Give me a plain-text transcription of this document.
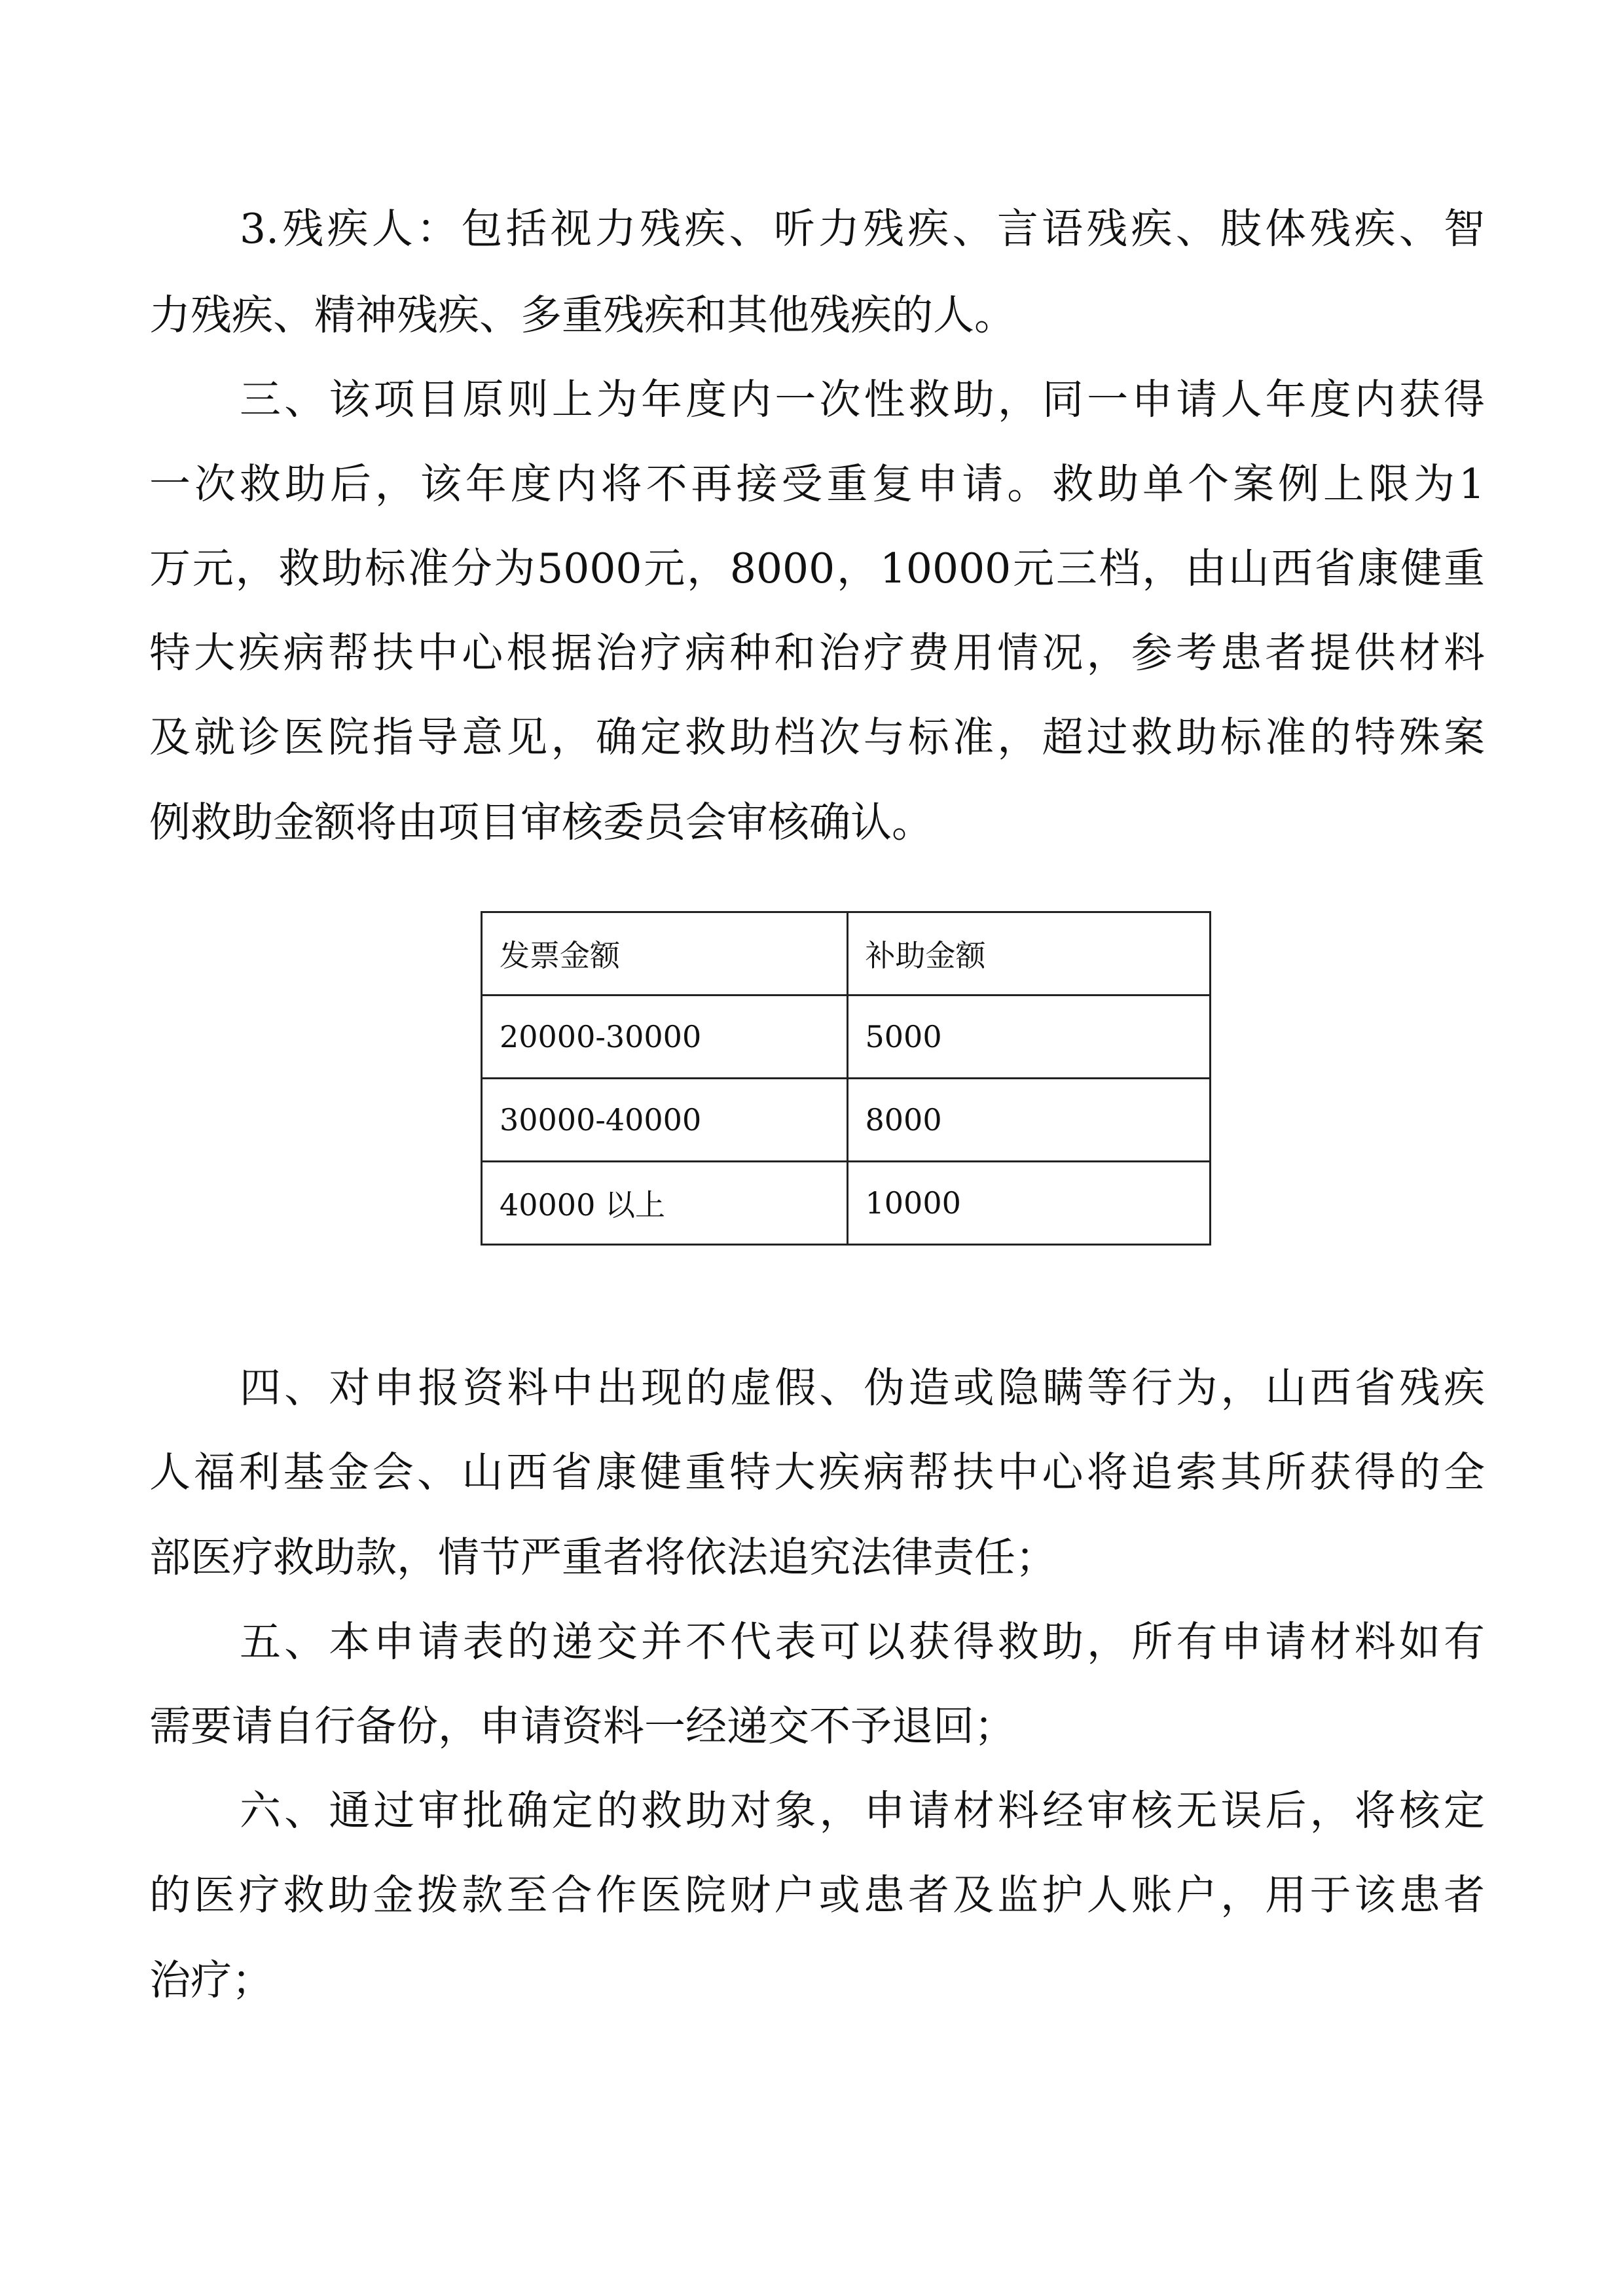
3.残疾人：包括视力残疾、听力残疾、言语残疾、肢体残疾、智
力残疾、精神残疾、多重残疾和其他残疾的人。
三、该项目原则上为年度内一次性救助，同一申请人年度内获得
一次救助后，该年度内将不再接受重复申请。救助单个案例上限为1
万元，救助标准分为5000元，8000，10000元三档，由山西省康健重
特大疾病帮扶中心根据治疗病种和治疗费用情况，参考患者提供材料
及就诊医院指导意见，确定救助档次与标准，超过救助标准的特殊案
例救助金额将由项目审核委员会审核确认。
发票金额	补助金额
20000-30000	5000
30000-40000	8000
40000 以上	10000
四、对申报资料中出现的虚假、伪造或隐瞒等行为，山西省残疾
人福利基金会、山西省康健重特大疾病帮扶中心将追索其所获得的全
部医疗救助款，情节严重者将依法追究法律责任；
五、本申请表的递交并不代表可以获得救助，所有申请材料如有
需要请自行备份，申请资料一经递交不予退回；
六、通过审批确定的救助对象，申请材料经审核无误后，将核定
的医疗救助金拨款至合作医院财户或患者及监护人账户，用于该患者
治疗；
